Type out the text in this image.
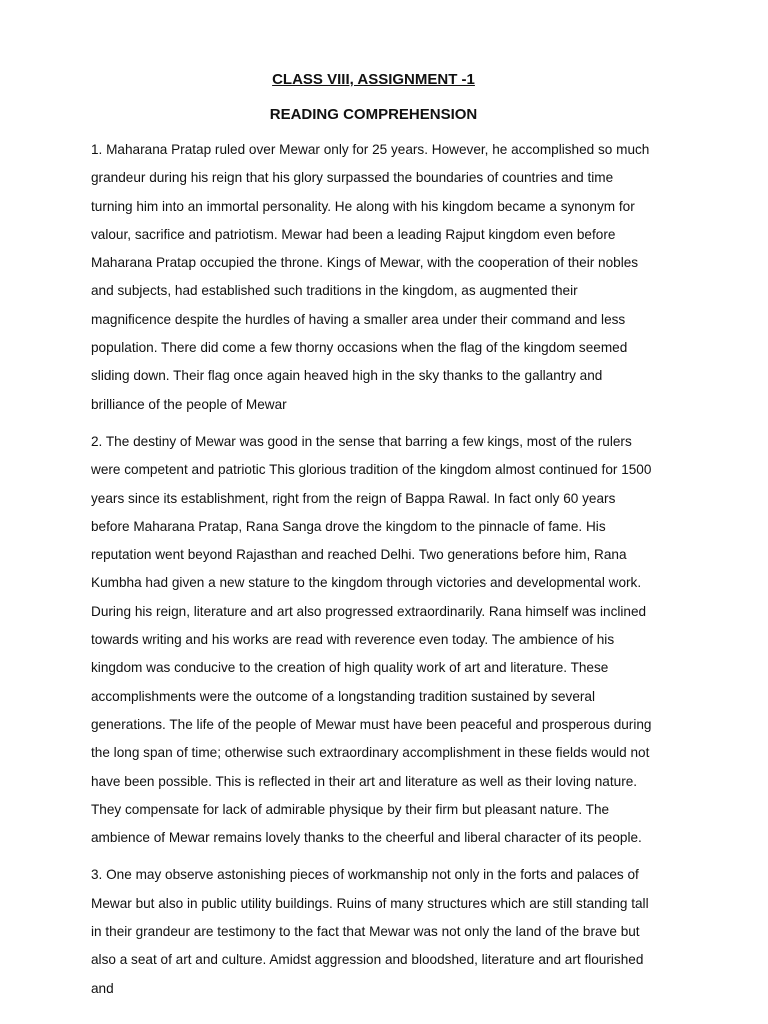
CLASS VIII, ASSIGNMENT -1
READING COMPREHENSION

1. Maharana Pratap ruled over Mewar only for 25 years. However, he accomplished so much grandeur during his reign that his glory surpassed the boundaries of countries and time turning him into an immortal personality. He along with his kingdom became a synonym for valour, sacrifice and patriotism. Mewar had been a leading Rajput kingdom even before Maharana Pratap occupied the throne. Kings of Mewar, with the cooperation of their nobles and subjects, had established such traditions in the kingdom, as augmented their magnificence despite the hurdles of having a smaller area under their command and less population. There did come a few thorny occasions when the flag of the kingdom seemed sliding down. Their flag once again heaved high in the sky thanks to the gallantry and brilliance of the people of Mewar

2. The destiny of Mewar was good in the sense that barring a few kings, most of the rulers were competent and patriotic This glorious tradition of the kingdom almost continued for 1500 years since its establishment, right from the reign of Bappa Rawal. In fact only 60 years before Maharana Pratap, Rana Sanga drove the kingdom to the pinnacle of fame. His reputation went beyond Rajasthan and reached Delhi. Two generations before him, Rana Kumbha had given a new stature to the kingdom through victories and developmental work. During his reign, literature and art also progressed extraordinarily. Rana himself was inclined towards writing and his works are read with reverence even today. The ambience of his kingdom was conducive to the creation of high quality work of art and literature. These accomplishments were the outcome of a longstanding tradition sustained by several generations. The life of the people of Mewar must have been peaceful and prosperous during the long span of time; otherwise such extraordinary accomplishment in these fields would not have been possible. This is reflected in their art and literature as well as their loving nature. They compensate for lack of admirable physique by their firm but pleasant nature. The ambience of Mewar remains lovely thanks to the cheerful and liberal character of its people.

3. One may observe astonishing pieces of workmanship not only in the forts and palaces of Mewar but also in public utility buildings. Ruins of many structures which are still standing tall in their grandeur are testimony to the fact that Mewar was not only the land of the brave but also a seat of art and culture. Amidst aggression and bloodshed, literature and art flourished and
